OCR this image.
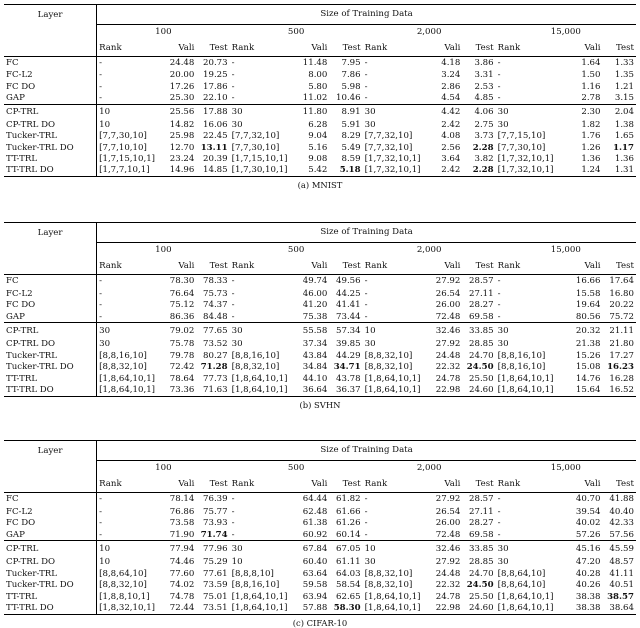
Layer	Size of Training Data											
	100			500			2,000			15,000		
	Rank	Vali	Test	Rank	Vali	Test	Rank	Vali	Test	Rank	Vali	Test
FC	-	24.48	20.73	-	11.48	7.95	-	4.18	3.86	-	1.64	1.33
FC-L2	-	20.00	19.25	-	8.00	7.86	-	3.24	3.31	-	1.50	1.35
FC DO	-	17.26	17.86	-	5.80	5.98	-	2.86	2.53	-	1.16	1.21
GAP	-	25.30	22.10	-	11.02	10.46	-	4.54	4.85	-	2.78	3.15
CP-TRL	10	25.56	17.88	30	11.80	8.91	30	4.42	4.06	30	2.30	2.04
CP-TRL DO	10	14.82	16.06	30	6.28	5.91	30	2.42	2.75	30	1.82	1.38
Tucker-TRL	[7,7,30,10]	25.98	22.45	[7,7,32,10]	9.04	8.29	[7,7,32,10]	4.08	3.73	[7,7,15,10]	1.76	1.65
Tucker-TRL DO	[7,7,10,10]	12.70	13.11	[7,7,30,10]	5.16	5.49	[7,7,32,10]	2.56	2.28	[7,7,30,10]	1.26	1.17
TT-TRL	[1,7,15,10,1]	23.24	20.39	[1,7,15,10,1]	9.08	8.59	[1,7,32,10,1]	3.64	3.82	[1,7,32,10,1]	1.36	1.36
TT-TRL DO	[1,7,7,10,1]	14.96	14.85	[1,7,30,10,1]	5.42	5.18	[1,7,32,10,1]	2.42	2.28	[1,7,32,10,1]	1.24	1.31

(a) MNIST
Layer	Size of Training Data											
	100			500			2,000			15,000		
	Rank	Vali	Test	Rank	Vali	Test	Rank	Vali	Test	Rank	Vali	Test
FC	-	78.30	78.33	-	49.74	49.56	-	27.92	28.57	-	16.66	17.64
FC-L2	-	76.64	75.73	-	46.00	44.25	-	26.54	27.11	-	15.58	16.80
FC DO	-	75.12	74.37	-	41.20	41.41	-	26.00	28.27	-	19.64	20.22
GAP	-	86.36	84.48	-	75.38	73.44	-	72.48	69.58	-	80.56	75.72
CP-TRL	30	79.02	77.65	30	55.58	57.34	10	32.46	33.85	30	20.32	21.11
CP-TRL DO	30	75.78	73.52	30	37.34	39.85	30	27.92	28.85	30	21.38	21.80
Tucker-TRL	[8,8,16,10]	79.78	80.27	[8,8,16,10]	43.84	44.29	[8,8,32,10]	24.48	24.70	[8,8,16,10]	15.26	17.27
Tucker-TRL DO	[8,8,32,10]	72.42	71.28	[8,8,32,10]	34.84	34.71	[8,8,32,10]	22.32	24.50	[8,8,16,10]	15.08	16.23
TT-TRL	[1,8,64,10,1]	78.64	77.73	[1,8,64,10,1]	44.10	43.78	[1,8,64,10,1]	24.78	25.50	[1,8,64,10,1]	14.76	16.28
TT-TRL DO	[1,8,64,10,1]	73.36	71.63	[1,8,64,10,1]	36.64	36.37	[1,8,64,10,1]	22.98	24.60	[1,8,64,10,1]	15.64	16.52

(b) SVHN
Layer	Size of Training Data											
	100			500			2,000			15,000		
	Rank	Vali	Test	Rank	Vali	Test	Rank	Vali	Test	Rank	Vali	Test
FC	-	78.14	76.39	-	64.44	61.82	-	27.92	28.57	-	40.70	41.88
FC-L2	-	76.86	75.77	-	62.48	61.66	-	26.54	27.11	-	39.54	40.40
FC DO	-	73.58	73.93	-	61.38	61.26	-	26.00	28.27	-	40.02	42.33
GAP	-	71.90	71.74	-	60.92	60.14	-	72.48	69.58	-	57.26	57.56
CP-TRL	10	77.94	77.96	30	67.84	67.05	10	32.46	33.85	30	45.16	45.59
CP-TRL DO	10	74.46	75.29	10	60.40	61.11	30	27.92	28.85	30	47.20	48.57
Tucker-TRL	[8,8,64,10]	77.60	77.61	[8,8,8,10]	63.64	64.03	[8,8,32,10]	24.48	24.70	[8,8,64,10]	40.28	41.11
Tucker-TRL DO	[8,8,32,10]	74.02	73.59	[8,8,16,10]	59.58	58.54	[8,8,32,10]	22.32	24.50	[8,8,64,10]	40.26	40.51
TT-TRL	[1,8,8,10,1]	74.78	75.01	[1,8,64,10,1]	63.94	62.65	[1,8,64,10,1]	24.78	25.50	[1,8,64,10,1]	38.38	38.57
TT-TRL DO	[1,8,32,10,1]	72.44	73.51	[1,8,64,10,1]	57.88	58.30	[1,8,64,10,1]	22.98	24.60	[1,8,64,10,1]	38.38	38.64

(c) CIFAR-10
